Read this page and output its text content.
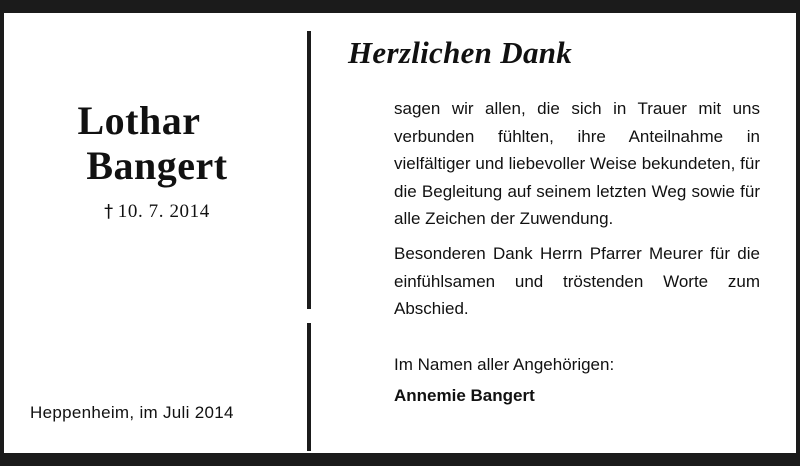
Lothar
Bangert
† 10. 7. 2014
Heppenheim, im Juli 2014
Herzlichen Dank
sagen wir allen, die sich in Trauer mit uns verbunden fühlten, ihre Anteilnahme in vielfältiger und liebevoller Weise bekundeten, für die Begleitung auf seinem letzten Weg sowie für alle Zeichen der Zuwendung.
Besonderen Dank Herrn Pfarrer Meurer für die einfühlsamen und tröstenden Worte zum Abschied.
Im Namen aller Angehörigen:
Annemie Bangert
